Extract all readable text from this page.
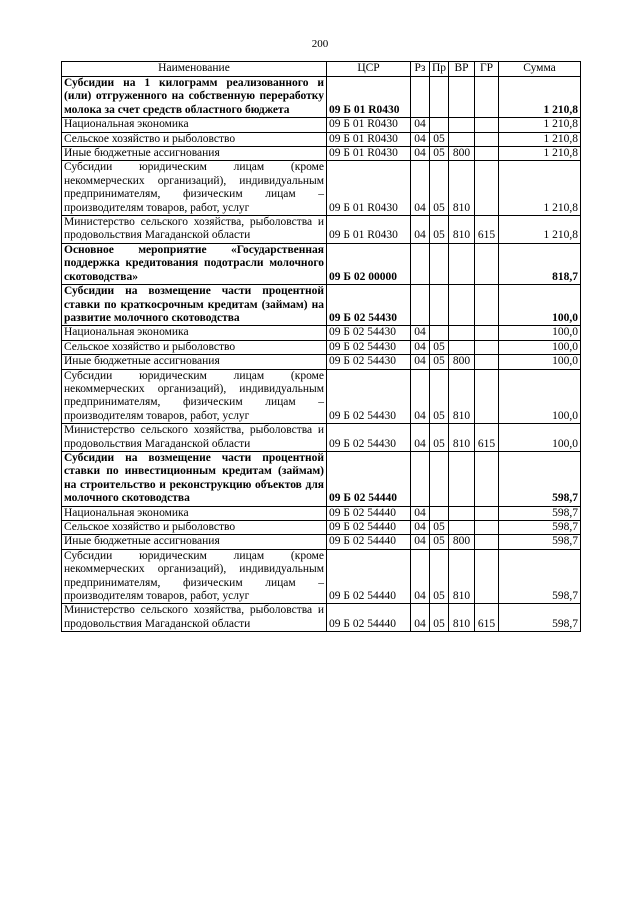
200
Наименование	ЦСР	Рз	Пр	ВР	ГР	Сумма
Субсидии на 1 килограмм реализованного и (или) отгруженного на собственную переработку молока за счет средств областного бюджета	09 Б 01 R0430					1 210,8
Национальная экономика	09 Б 01 R0430	04				1 210,8
Сельское хозяйство и рыболовство	09 Б 01 R0430	04	05			1 210,8
Иные бюджетные ассигнования	09 Б 01 R0430	04	05	800		1 210,8
Субсидии юридическим лицам (кроме некоммерческих организаций), индивидуальным предпринимателям, физическим лицам – производителям товаров, работ, услуг	09 Б 01 R0430	04	05	810		1 210,8
Министерство сельского хозяйства, рыболовства и продовольствия Магаданской области	09 Б 01 R0430	04	05	810	615	1 210,8
Основное мероприятие «Государственная поддержка кредитования подотрасли молочного скотоводства»	09 Б 02 00000					818,7
Субсидии на возмещение части процентной ставки по краткосрочным кредитам (займам) на развитие молочного скотоводства	09 Б 02 54430					100,0
Национальная экономика	09 Б 02 54430	04				100,0
Сельское хозяйство и рыболовство	09 Б 02 54430	04	05			100,0
Иные бюджетные ассигнования	09 Б 02 54430	04	05	800		100,0
Субсидии юридическим лицам (кроме некоммерческих организаций), индивидуальным предпринимателям, физическим лицам – производителям товаров, работ, услуг	09 Б 02 54430	04	05	810		100,0
Министерство сельского хозяйства, рыболовства и продовольствия Магаданской области	09 Б 02 54430	04	05	810	615	100,0
Субсидии на возмещение части процентной ставки по инвестиционным кредитам (займам) на строительство и реконструкцию объектов для молочного скотоводства	09 Б 02 54440					598,7
Национальная экономика	09 Б 02 54440	04				598,7
Сельское хозяйство и рыболовство	09 Б 02 54440	04	05			598,7
Иные бюджетные ассигнования	09 Б 02 54440	04	05	800		598,7
Субсидии юридическим лицам (кроме некоммерческих организаций), индивидуальным предпринимателям, физическим лицам – производителям товаров, работ, услуг	09 Б 02 54440	04	05	810		598,7
Министерство сельского хозяйства, рыболовства и продовольствия Магаданской области	09 Б 02 54440	04	05	810	615	598,7
